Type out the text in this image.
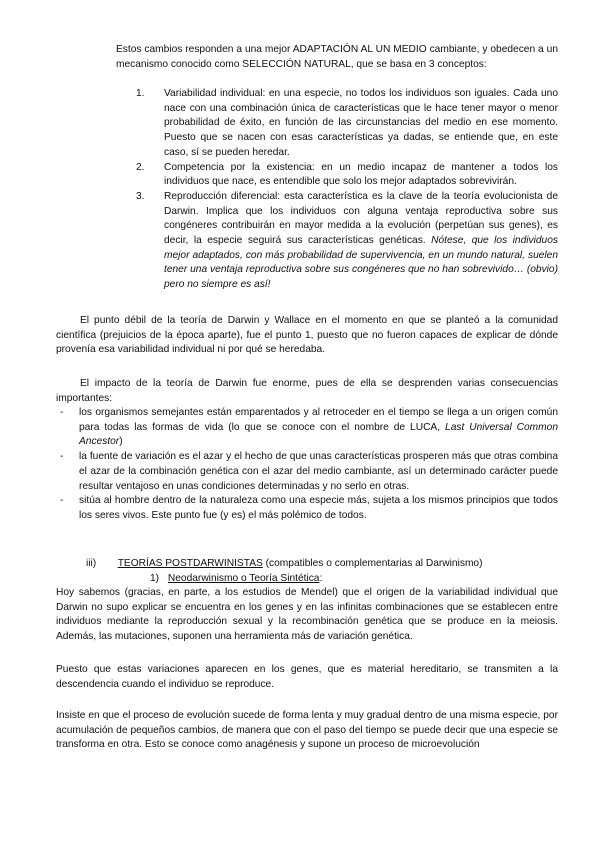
Estos cambios responden a una mejor ADAPTACIÓN AL UN MEDIO cambiante, y obedecen a un mecanismo conocido como SELECCIÓN NATURAL, que se basa en 3 conceptos:

1. Variabilidad individual: en una especie, no todos los individuos son iguales. Cada uno nace con una combinación única de características que le hace tener mayor o menor probabilidad de éxito, en función de las circunstancias del medio en ese momento. Puesto que se nacen con esas características ya dadas, se entiende que, en este caso, sí se pueden heredar.

2. Competencia por la existencia: en un medio incapaz de mantener a todos los individuos que nace, es entendible que solo los mejor adaptados sobrevivirán.

3. Reproducción diferencial: esta característica es la clave de la teoría evolucionista de Darwin. Implica que los individuos con alguna ventaja reproductiva sobre sus congéneres contribuirán en mayor medida a la evolución (perpetúan sus genes), es decir, la especie seguirá sus características genéticas. Nótese, que los individuos mejor adaptados, con más probabilidad de supervivencia, en un mundo natural, suelen tener una ventaja reproductiva sobre sus congéneres que no han sobrevivido… (obvio) pero no siempre es así!

El punto débil de la teoría de Darwin y Wallace en el momento en que se planteó a la comunidad científica (prejuicios de la época aparte), fue el punto 1, puesto que no fueron capaces de explicar de dónde provenía esa variabilidad individual ni por qué se heredaba.

El impacto de la teoría de Darwin fue enorme, pues de ella se desprenden varias consecuencias importantes:

- los organismos semejantes están emparentados y al retroceder en el tiempo se llega a un origen común para todas las formas de vida (lo que se conoce con el nombre de LUCA, Last Universal Common Ancestor)

- la fuente de variación es el azar y el hecho de que unas características prosperen más que otras combina el azar de la combinación genética con el azar del medio cambiante, así un determinado carácter puede resultar ventajoso en unas condiciones determinadas y no serlo en otras.

- sitúa al hombre dentro de la naturaleza como una especie más, sujeta a los mismos principios que todos los seres vivos. Este punto fue (y es) el más polémico de todos.

iii) TEORÍAS POSTDARWINISTAS (compatibles o complementarias al Darwinismo)
1) Neodarwinismo o Teoría Sintética:

Hoy sabemos (gracias, en parte, a los estudios de Mendel) que el origen de la variabilidad individual que Darwin no supo explicar se encuentra en los genes y en las infinitas combinaciones que se establecen entre individuos mediante la reproducción sexual y la recombinación genética que se produce en la meiosis. Además, las mutaciones, suponen una herramienta más de variación genética.

Puesto que estas variaciones aparecen en los genes, que es material hereditario, se transmiten a la descendencia cuando el individuo se reproduce.

Insiste en que el proceso de evolución sucede de forma lenta y muy gradual dentro de una misma especie, por acumulación de pequeños cambios, de manera que con el paso del tiempo se puede decir que una especie se transforma en otra. Esto se conoce como anagénesis y supone un proceso de microevolución
